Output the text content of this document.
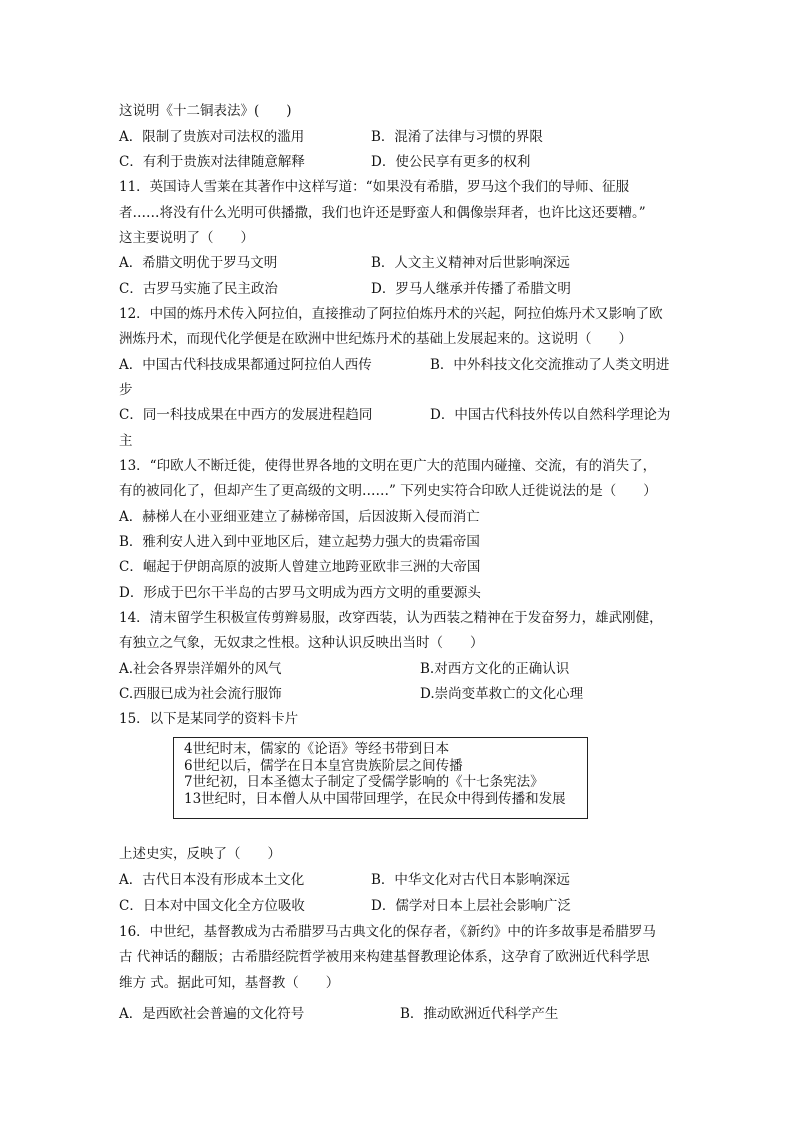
这说明《十二铜表法》(　　)
A．限制了贵族对司法权的滥用	B．混淆了法律与习惯的界限
C．有利于贵族对法律随意解释	D．使公民享有更多的权利
11．英国诗人雪莱在其著作中这样写道：“如果没有希腊，罗马这个我们的导师、征服
者……将没有什么光明可供播撒，我们也许还是野蛮人和偶像崇拜者，也许比这还要糟。”
这主要说明了（　　）
A．希腊文明优于罗马文明	B．人文主义精神对后世影响深远
C．古罗马实施了民主政治	D．罗马人继承并传播了希腊文明
12．中国的炼丹术传入阿拉伯，直接推动了阿拉伯炼丹术的兴起，阿拉伯炼丹术又影响了欧
洲炼丹术，而现代化学便是在欧洲中世纪炼丹术的基础上发展起来的。这说明（　　）
A．中国古代科技成果都通过阿拉伯人西传	B．中外科技文化交流推动了人类文明进
步
C．同一科技成果在中西方的发展进程趋同	D．中国古代科技外传以自然科学理论为
主
13．“印欧人不断迁徙，使得世界各地的文明在更广大的范围内碰撞、交流，有的消失了，
有的被同化了，但却产生了更高级的文明……” 下列史实符合印欧人迁徙说法的是（　　）
A．赫梯人在小亚细亚建立了赫梯帝国，后因波斯入侵而消亡
B．雅利安人进入到中亚地区后，建立起势力强大的贵霜帝国
C．崛起于伊朗高原的波斯人曾建立地跨亚欧非三洲的大帝国
D．形成于巴尔干半岛的古罗马文明成为西方文明的重要源头
14．清末留学生积极宣传剪辫易服，改穿西装，认为西装之精神在于发奋努力，雄武刚健，
有独立之气象，无奴隶之性根。这种认识反映出当时（　　）
A.社会各界崇洋媚外的风气	B.对西方文化的正确认识
C.西服已成为社会流行服饰	D.崇尚变革救亡的文化心理
15．以下是某同学的资料卡片
4世纪时末，儒家的《论语》等经书带到日本
6世纪以后，儒学在日本皇宫贵族阶层之间传播
7世纪初，日本圣德太子制定了受儒学影响的《十七条宪法》
13世纪时，日本僧人从中国带回理学，在民众中得到传播和发展
上述史实，反映了（　　）
A．古代日本没有形成本土文化	B．中华文化对古代日本影响深远
C．日本对中国文化全方位吸收	D．儒学对日本上层社会影响广泛
16．中世纪，基督教成为古希腊罗马古典文化的保存者，《新约》中的许多故事是希腊罗马
古 代神话的翻版；古希腊经院哲学被用来构建基督教理论体系，这孕育了欧洲近代科学思
维方 式。据此可知，基督教（　　）
A．是西欧社会普遍的文化符号	B．推动欧洲近代科学产生
